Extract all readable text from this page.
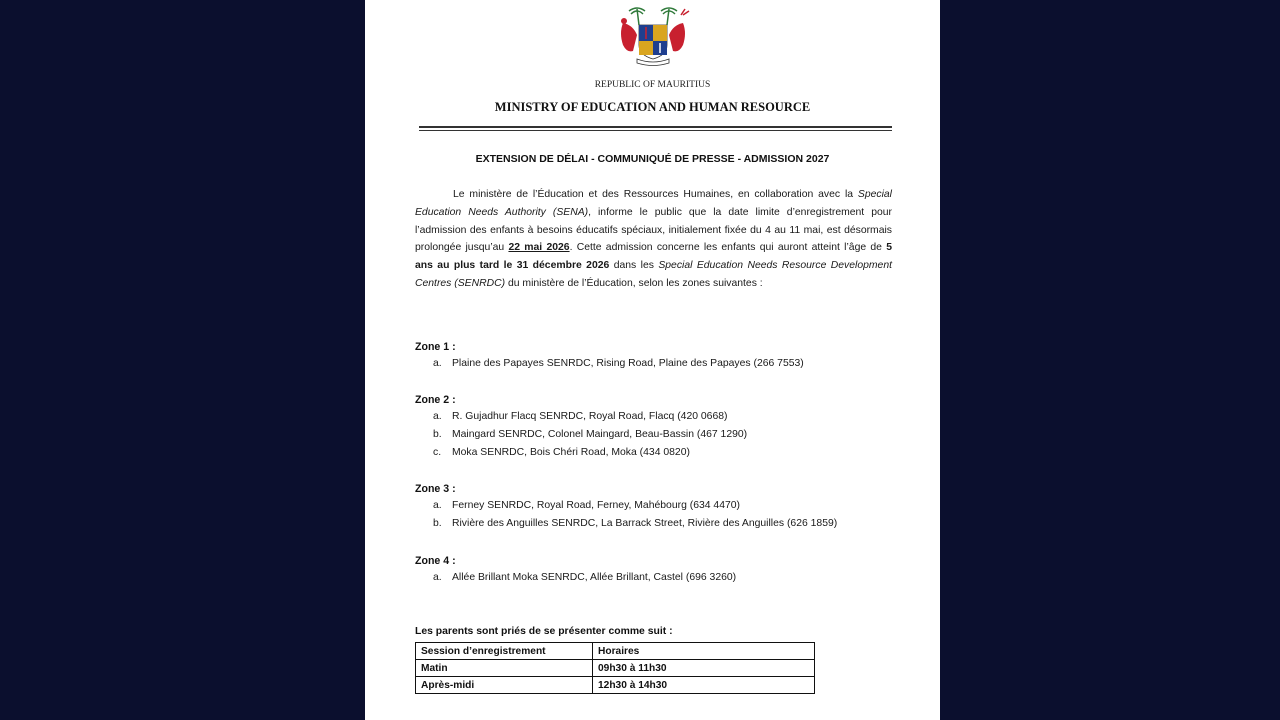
REPUBLIC OF MAURITIUS
MINISTRY OF EDUCATION AND HUMAN RESOURCE
EXTENSION DE DÉLAI - COMMUNIQUÉ DE PRESSE - ADMISSION 2027

Le ministère de l’Éducation et des Ressources Humaines, en collaboration avec la Special Education Needs Authority (SENA), informe le public que la date limite d’enregistrement pour l’admission des enfants à besoins éducatifs spéciaux, initialement fixée du 4 au 11 mai, est désormais prolongée jusqu’au 22 mai 2026. Cette admission concerne les enfants qui auront atteint l’âge de 5 ans au plus tard le 31 décembre 2026 dans les Special Education Needs Resource Development Centres (SENRDC) du ministère de l’Éducation, selon les zones suivantes :

Zone 1 :
a. Plaine des Papayes SENRDC, Rising Road, Plaine des Papayes (266 7553)
Zone 2 :
a. R. Gujadhur Flacq SENRDC, Royal Road, Flacq (420 0668)
b. Maingard SENRDC, Colonel Maingard, Beau-Bassin (467 1290)
c. Moka SENRDC, Bois Chéri Road, Moka (434 0820)
Zone 3 :
a. Ferney SENRDC, Royal Road, Ferney, Mahébourg (634 4470)
b. Rivière des Anguilles SENRDC, La Barrack Street, Rivière des Anguilles (626 1859)
Zone 4 :
a. Allée Brillant Moka SENRDC, Allée Brillant, Castel (696 3260)
Les parents sont priés de se présenter comme suit :
Session d’enregistrement	Horaires
Matin	09h30 à 11h30
Après-midi	12h30 à 14h30
